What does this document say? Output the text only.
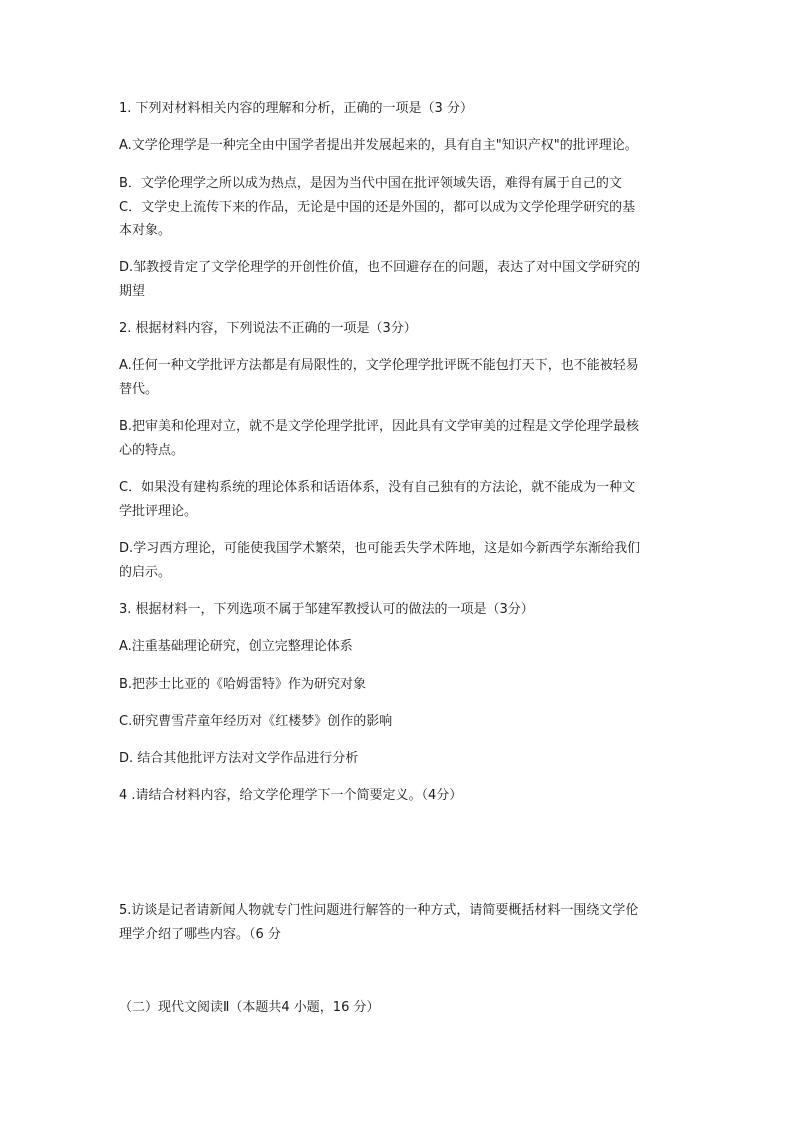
1. 下列对材料相关内容的理解和分析，正确的一项是（3 分）
A.文学伦理学是一种完全由中国学者提出并发展起来的，具有自主"知识产权"的批评理论。
B．文学伦理学之所以成为热点，是因为当代中国在批评领域失语，难得有属于自己的文
C．文学史上流传下来的作品，无论是中国的还是外国的，都可以成为文学伦理学研究的基
本对象。
D.邹教授肯定了文学伦理学的开创性价值，也不回避存在的问题，表达了对中国文学研究的
期望
2. 根据材料内容，下列说法不正确的一项是（3分）
A.任何一种文学批评方法都是有局限性的，文学伦理学批评既不能包打天下，也不能被轻易
替代。
B.把审美和伦理对立，就不是文学伦理学批评，因此具有文学审美的过程是文学伦理学最核
心的特点。
C．如果没有建构系统的理论体系和话语体系，没有自己独有的方法论，就不能成为一种文
学批评理论。
D.学习西方理论，可能使我国学术繁荣，也可能丢失学术阵地，这是如今新西学东渐给我们
的启示。
3. 根据材料一，下列选项不属于邹建军教授认可的做法的一项是（3分）
A.注重基础理论研究，创立完整理论体系
B.把莎士比亚的《哈姆雷特》作为研究对象
C.研究曹雪芹童年经历对《红楼梦》创作的影响
D. 结合其他批评方法对文学作品进行分析
4 .请结合材料内容，给文学伦理学下一个简要定义。（4分）
5.访谈是记者请新闻人物就专门性问题进行解答的一种方式，请简要概括材料一围绕文学伦
理学介绍了哪些内容。（6 分
（二）现代文阅读Ⅱ（本题共4 小题，16 分）
